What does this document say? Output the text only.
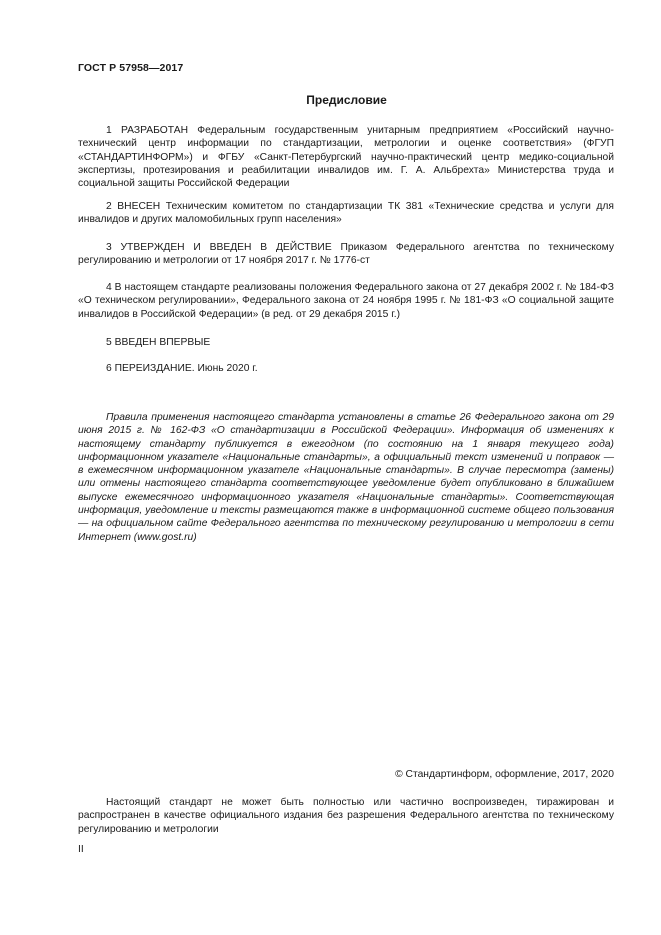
ГОСТ Р 57958—2017
Предисловие

1 РАЗРАБОТАН Федеральным государственным унитарным предприятием «Российский научно-технический центр информации по стандартизации, метрологии и оценке соответствия» (ФГУП «СТАНДАРТИНФОРМ») и ФГБУ «Санкт-Петербургский научно-практический центр медико-социальной экспертизы, протезирования и реабилитации инвалидов им. Г. А. Альбрехта» Министерства труда и социальной защиты Российской Федерации

2 ВНЕСЕН Техническим комитетом по стандартизации ТК 381 «Технические средства и услуги для инвалидов и других маломобильных групп населения»

3 УТВЕРЖДЕН И ВВЕДЕН В ДЕЙСТВИЕ Приказом Федерального агентства по техническому регулированию и метрологии от 17 ноября 2017 г. № 1776-ст

4 В настоящем стандарте реализованы положения Федерального закона от 27 декабря 2002 г. № 184-ФЗ «О техническом регулировании», Федерального закона от 24 ноября 1995 г. № 181-ФЗ «О социальной защите инвалидов в Российской Федерации» (в ред. от 29 декабря 2015 г.)

5 ВВЕДЕН ВПЕРВЫЕ

6 ПЕРЕИЗДАНИЕ. Июнь 2020 г.

Правила применения настоящего стандарта установлены в статье 26 Федерального закона от 29 июня 2015 г. № 162-ФЗ «О стандартизации в Российской Федерации». Информация об изменениях к настоящему стандарту публикуется в ежегодном (по состоянию на 1 января текущего года) информационном указателе «Национальные стандарты», а официальный текст изменений и поправок — в ежемесячном информационном указателе «Национальные стандарты». В случае пересмотра (замены) или отмены настоящего стандарта соответствующее уведомление будет опубликовано в ближайшем выпуске ежемесячного информационного указателя «Национальные стандарты». Соответствующая информация, уведомление и тексты размещаются также в информационной системе общего пользования — на официальном сайте Федерального агентства по техническому регулированию и метрологии в сети Интернет (www.gost.ru)

© Стандартинформ, оформление, 2017, 2020

Настоящий стандарт не может быть полностью или частично воспроизведен, тиражирован и распространен в качестве официального издания без разрешения Федерального агентства по техническому регулированию и метрологии

II
